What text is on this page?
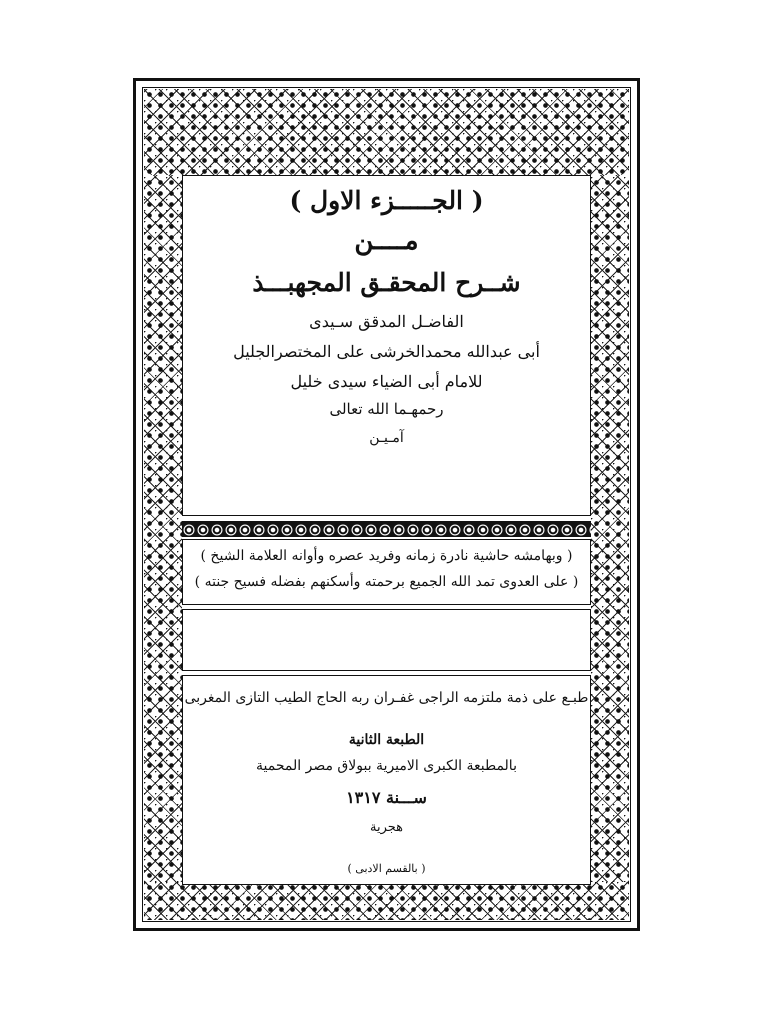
( الجـــــزء الاول )
مــــن
شــرح المحقـق المجهبـــذ
الفاضـل المدقق سـيدى
أبى عبدالله محمدالخرشى على المختصرالجليل
للامام أبى الضياء سيدى خليل
رحمهـما الله تعالى
آمـيـن
( وبهامشه حاشية نادرة زمانه وفريد عصره وأوانه العلامة الشيخ )
( على العدوى تمد الله الجميع برحمته وأسكنهم بفضله فسيح جنته )
طبـع على ذمة ملتزمه الراجى غفـران ربه الحاج الطيب التازى المغربى
الطبعة الثانية
بالمطبعة الكبرى الاميرية ببولاق مصر المحمية
ســـنة ١٣١٧
هجرية
( بالقسم الادبى )
